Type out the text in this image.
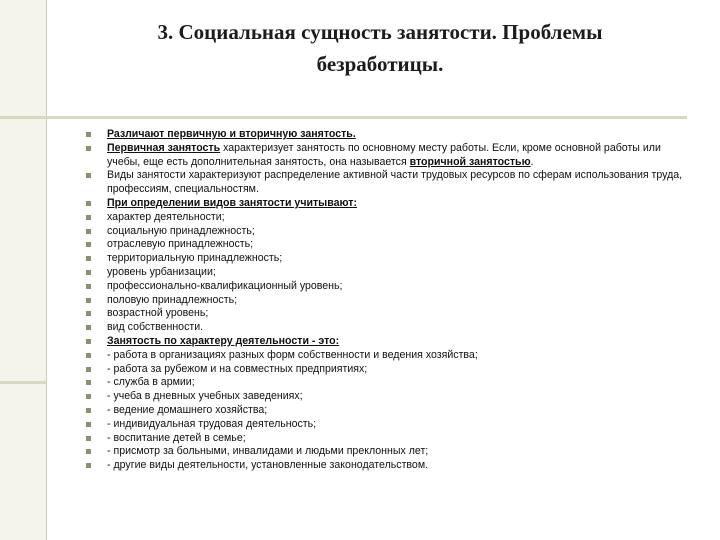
3. Социальная сущность занятости. Проблемы безработицы.
Различают первичную и вторичную занятость.
Первичная занятость характеризует занятость по основному месту работы. Если, кроме основной работы или учебы, еще есть дополнительная занятость, она называется вторичной занятостью.
Виды занятости характеризуют распределение активной части трудовых ресурсов по сферам использования труда, профессиям, специальностям.
При определении видов занятости учитывают:
характер деятельности;
социальную принадлежность;
отраслевую принадлежность;
территориальную принадлежность;
уровень урбанизации;
профессионально-квалификационный уровень;
половую принадлежность;
возрастной уровень;
вид собственности.
Занятость по характеру деятельности - это:
- работа в организациях разных форм собственности и ведения хозяйства;
- работа за рубежом и на совместных предприятиях;
- служба в армии;
- учеба в дневных учебных заведениях;
- ведение домашнего хозяйства;
- индивидуальная трудовая деятельность;
- воспитание детей в семье;
- присмотр за больными, инвалидами и людьми преклонных лет;
- другие виды деятельности, установленные законодательством.
